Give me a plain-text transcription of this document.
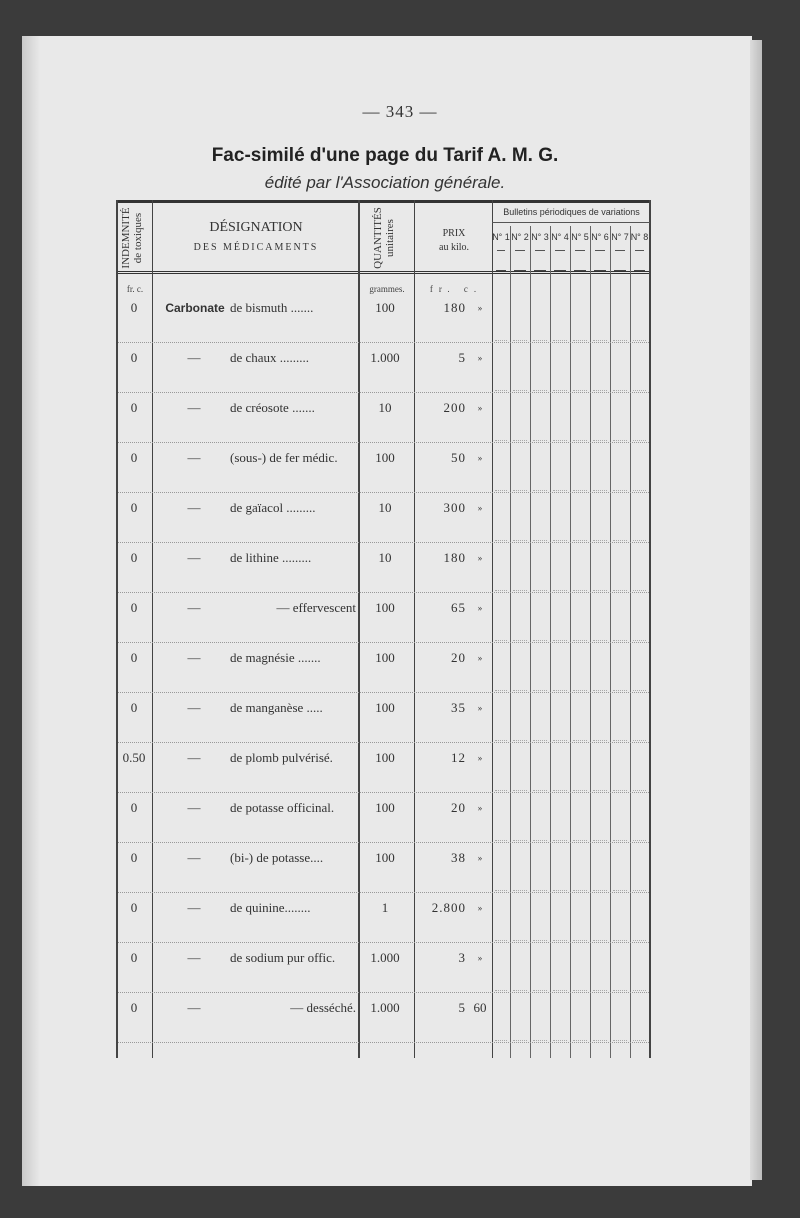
— 343 —
Fac-similé d'une page du Tarif A. M. G.
édité par l'Association générale.
INDEMNITÉ de toxiques	DÉSIGNATION
DES MÉDICAMENTS	QUANTITÉS unitaires	PRIX
au kilo.
Bulletins périodiques de variations
N° 1 N° 2 N° 3 N° 4 N° 5 N° 6 N° 7 N° 8
fr. c.	grammes.	fr. c.
0	Carbonate de bismuth .......	100	180	»
0	—	de chaux .........	1.000	5	»
0	—	de créosote .......	10	200	»
0	—	(sous-) de fer médic.	100	50	»
0	—	de gaïacol .........	10	300	»
0	—	de lithine .........	10	180	»
0	—	— effervescent	100	65	»
0	—	de magnésie .......	100	20	»
0	—	de manganèse .....	100	35	»
0.50	—	de plomb pulvérisé.	100	12	»
0	—	de potasse officinal.	100	20	»
0	—	(bi-) de potasse....	100	38	»
0	—	de quinine........	1	2.800	»
0	—	de sodium pur offic.	1.000	3	»
0	—	— desséché.	1.000	5 60
